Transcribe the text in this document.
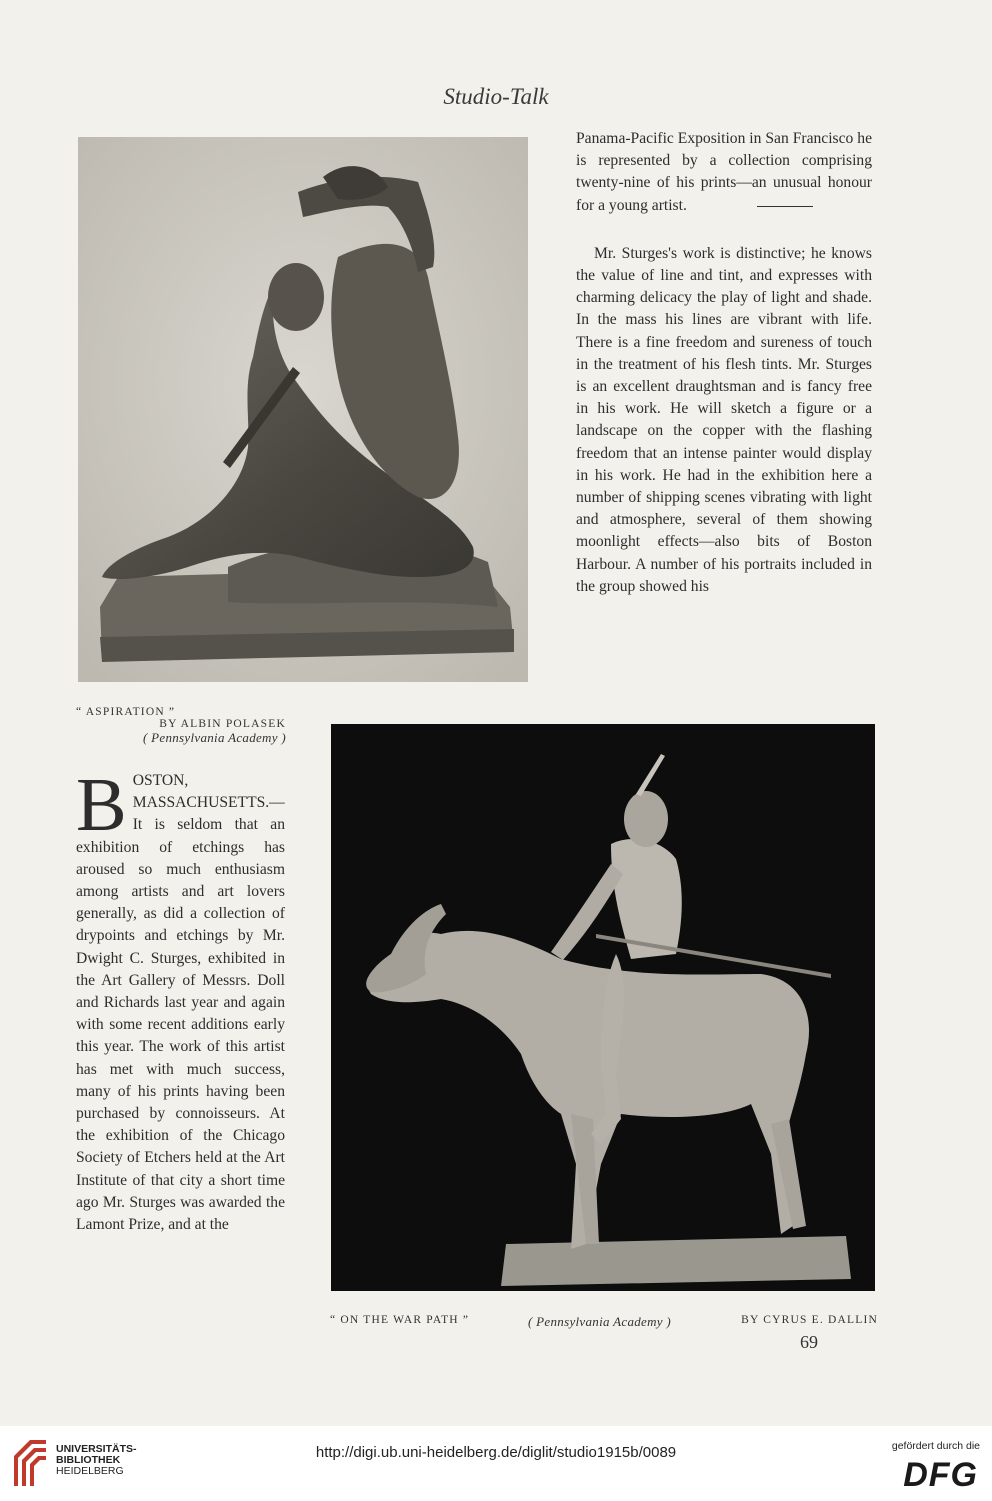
Studio-Talk
“ ASPIRATION ”
BY ALBIN POLASEK
( Pennsylvania Academy )

Panama-Pacific Exposition in San Francisco he is represented by a collection comprising twenty-nine of his prints—an unusual honour for a young artist.

Mr. Sturges's work is distinctive; he knows the value of line and tint, and expresses with charming delicacy the play of light and shade. In the mass his lines are vibrant with life. There is a fine freedom and sureness of touch in the treatment of his flesh tints. Mr. Sturges is an excellent draughtsman and is fancy free in his work. He will sketch a figure or a landscape on the copper with the flashing freedom that an intense painter would display in his work. He had in the exhibition here a number of shipping scenes vibrating with light and atmosphere, several of them showing moonlight effects—also bits of Boston Harbour. A number of his portraits included in the group showed his

BOSTON, MASSACHUSETTS.—It is seldom that an exhibition of etchings has aroused so much enthusiasm among artists and art lovers generally, as did a collection of drypoints and etchings by Mr. Dwight C. Sturges, exhibited in the Art Gallery of Messrs. Doll and Richards last year and again with some recent additions early this year. The work of this artist has met with much success, many of his prints having been purchased by connoisseurs. At the exhibition of the Chicago Society of Etchers held at the Art Institute of that city a short time ago Mr. Sturges was awarded the Lamont Prize, and at the
“ ON THE WAR PATH ”	( Pennsylvania Academy )	BY CYRUS E. DALLIN
69
UNIVERSITÄTS-
BIBLIOTHEK
HEIDELBERG
http://digi.ub.uni-heidelberg.de/diglit/studio1915b/0089	gefördert durch die
DFG
